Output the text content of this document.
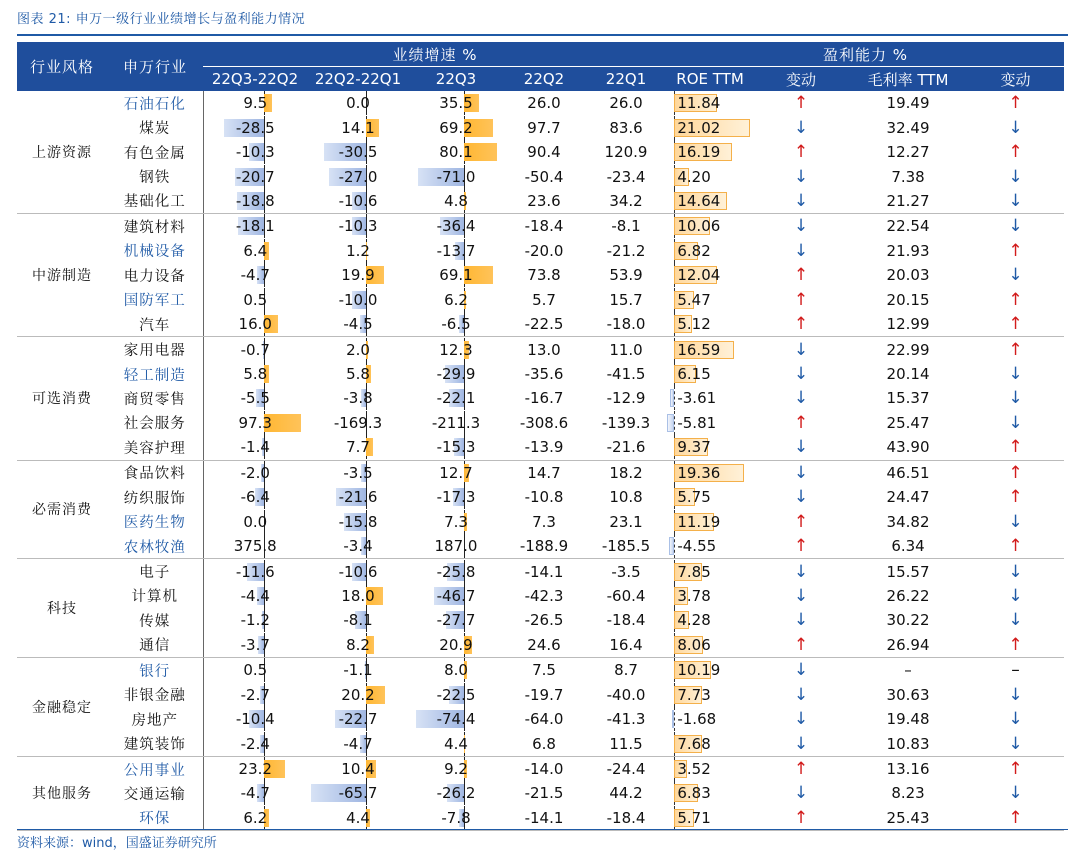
图表 21: 申万一级行业业绩增长与盈利能力情况
行业风格	申万行业	业绩增速 %					盈利能力 %			
		22Q3-22Q2	22Q2-22Q1	22Q3	22Q2	22Q1	ROE TTM	变动	毛利率 TTM	变动
上游资源	石油石化	9.5	0.0	35.5	26.0	26.0	11.84	↑	19.49	↑
	煤炭	-28.5	14.1	69.2	97.7	83.6	21.02	↓	32.49	↓
	有色金属	-10.3	-30.5	80.1	90.4	120.9	16.19	↑	12.27	↑
	钢铁	-20.7	-27.0	-71.0	-50.4	-23.4	4.20	↓	7.38	↓
	基础化工	-18.8	-10.6	4.8	23.6	34.2	14.64	↓	21.27	↓
中游制造	建筑材料	-18.1	-10.3	-36.4	-18.4	-8.1	10.06	↓	22.54	↓
	机械设备	6.4	1.2	-13.7	-20.0	-21.2	6.82	↓	21.93	↑
	电力设备	-4.7	19.9	69.1	73.8	53.9	12.04	↑	20.03	↓
	国防军工	0.5	-10.0	6.2	5.7	15.7	5.47	↑	20.15	↑
	汽车	16.0	-4.5	-6.5	-22.5	-18.0	5.12	↑	12.99	↑
可选消费	家用电器	-0.7	2.0	12.3	13.0	11.0	16.59	↓	22.99	↑
	轻工制造	5.8	5.8	-29.9	-35.6	-41.5	6.15	↓	20.14	↓
	商贸零售	-5.5	-3.8	-22.1	-16.7	-12.9	-3.61	↓	15.37	↓
	社会服务	97.3	-169.3	-211.3	-308.6	-139.3	-5.81	↑	25.47	↓
	美容护理	-1.4	7.7	-15.3	-13.9	-21.6	9.37	↓	43.90	↑
必需消费	食品饮料	-2.0	-3.5	12.7	14.7	18.2	19.36	↓	46.51	↑
	纺织服饰	-6.4	-21.6	-17.3	-10.8	10.8	5.75	↓	24.47	↑
	医药生物	0.0	-15.8	7.3	7.3	23.1	11.19	↑	34.82	↓
	农林牧渔	375.8	-3.4	187.0	-188.9	-185.5	-4.55	↑	6.34	↑
科技	电子	-11.6	-10.6	-25.8	-14.1	-3.5	7.85	↓	15.57	↓
	计算机	-4.4	18.0	-46.7	-42.3	-60.4	3.78	↓	26.22	↓
	传媒	-1.2	-8.1	-27.7	-26.5	-18.4	4.28	↓	30.22	↓
	通信	-3.7	8.2	20.9	24.6	16.4	8.06	↑	26.94	↑
金融稳定	银行	0.5	-1.1	8.0	7.5	8.7	10.19	↓	–	–
	非银金融	-2.7	20.2	-22.5	-19.7	-40.0	7.73	↓	30.63	↓
	房地产	-10.4	-22.7	-74.4	-64.0	-41.3	-1.68	↓	19.48	↓
	建筑装饰	-2.4	-4.7	4.4	6.8	11.5	7.68	↓	10.83	↓
其他服务	公用事业	23.2	10.4	9.2	-14.0	-24.4	3.52	↑	13.16	↑
	交通运输	-4.7	-65.7	-26.2	-21.5	44.2	6.83	↓	8.23	↓
	环保	6.2	4.4	-7.8	-14.1	-18.4	5.71	↑	25.43	↑
资料来源：wind，国盛证券研究所
